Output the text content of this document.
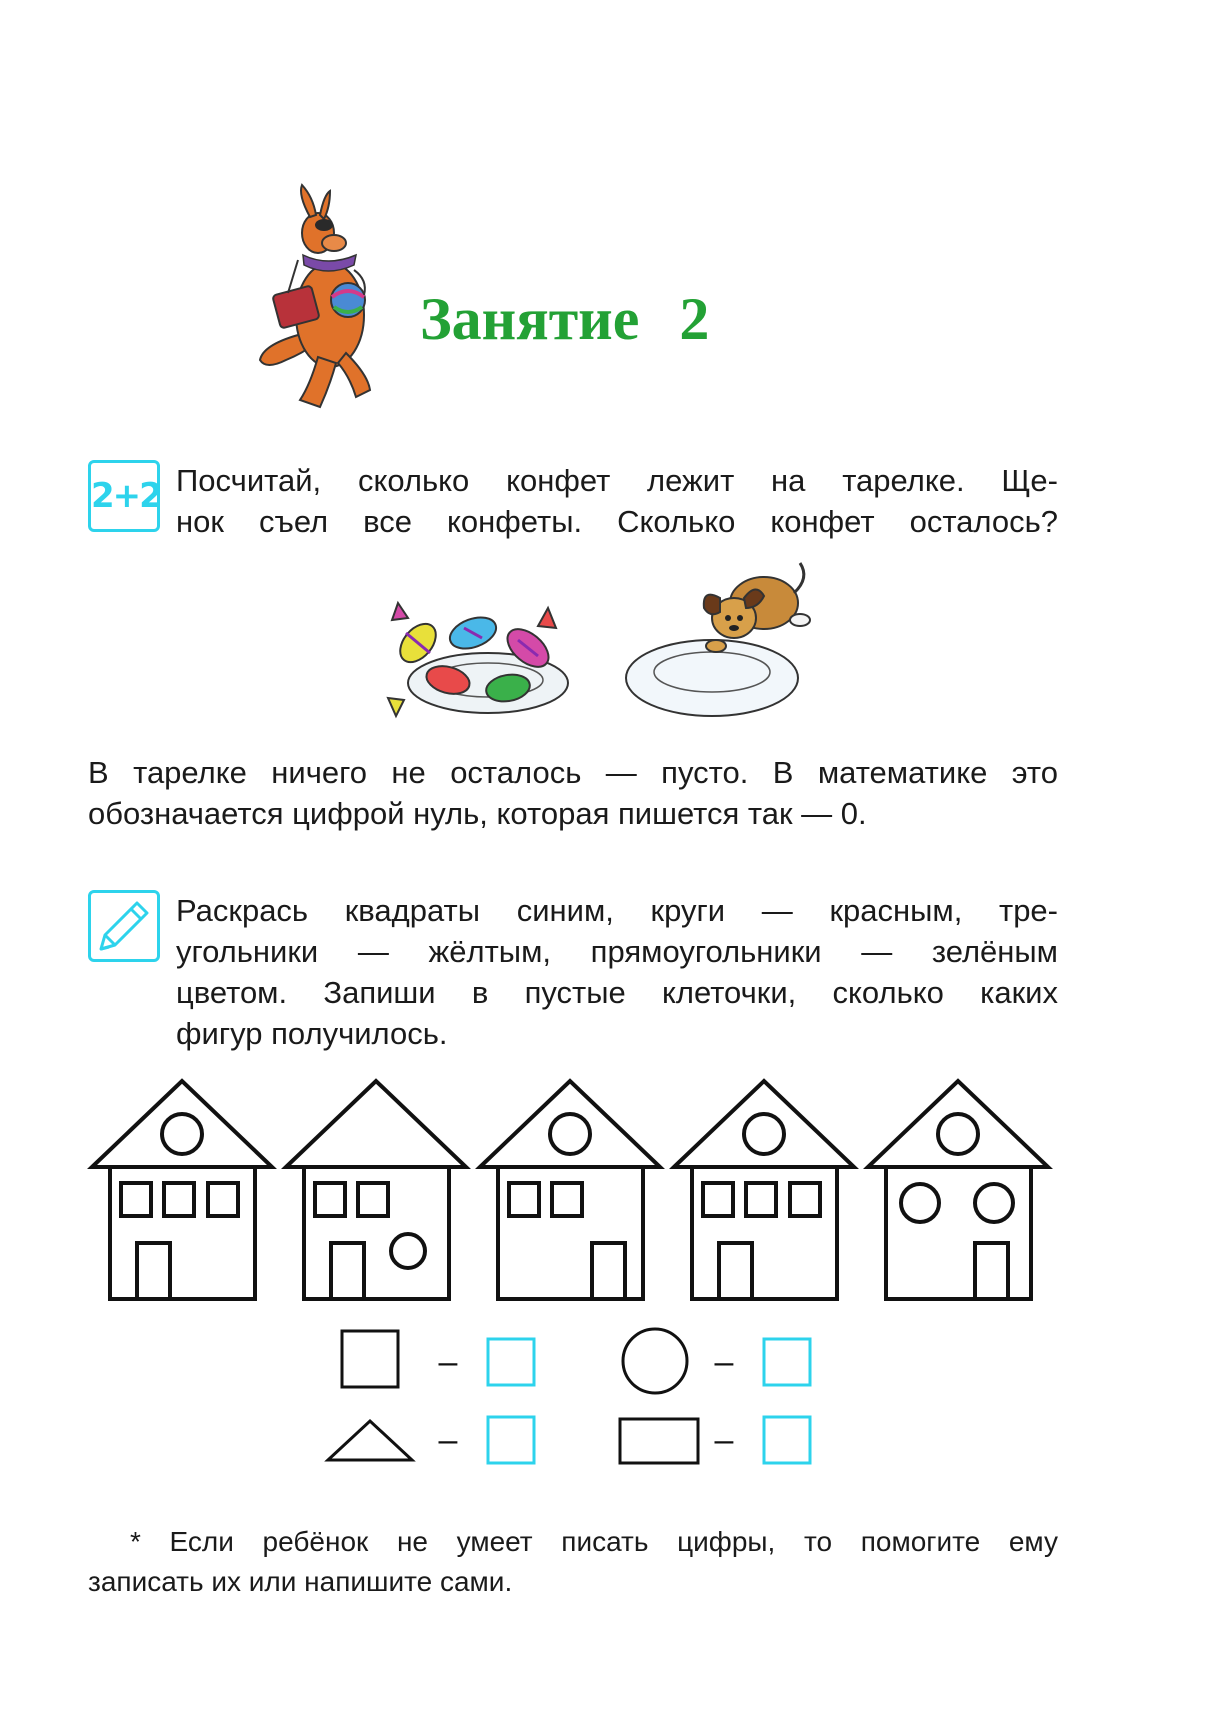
Занятие 2
2+2 Посчитай, сколько конфет лежит на тарелке. Ще-
нок съел все конфеты. Сколько конфет осталось?
В тарелке ничего не осталось — пусто. В математике это
обозначается цифрой нуль, которая пишется так — 0.
Раскрась квадраты синим, круги — красным, тре-
угольники — жёлтым, прямоугольники — зелёным
цветом. Запиши в пустые клеточки, сколько каких
фигур получилось.
–	–
–	–
* Если ребёнок не умеет писать цифры, то помогите ему
записать их или напишите сами.
